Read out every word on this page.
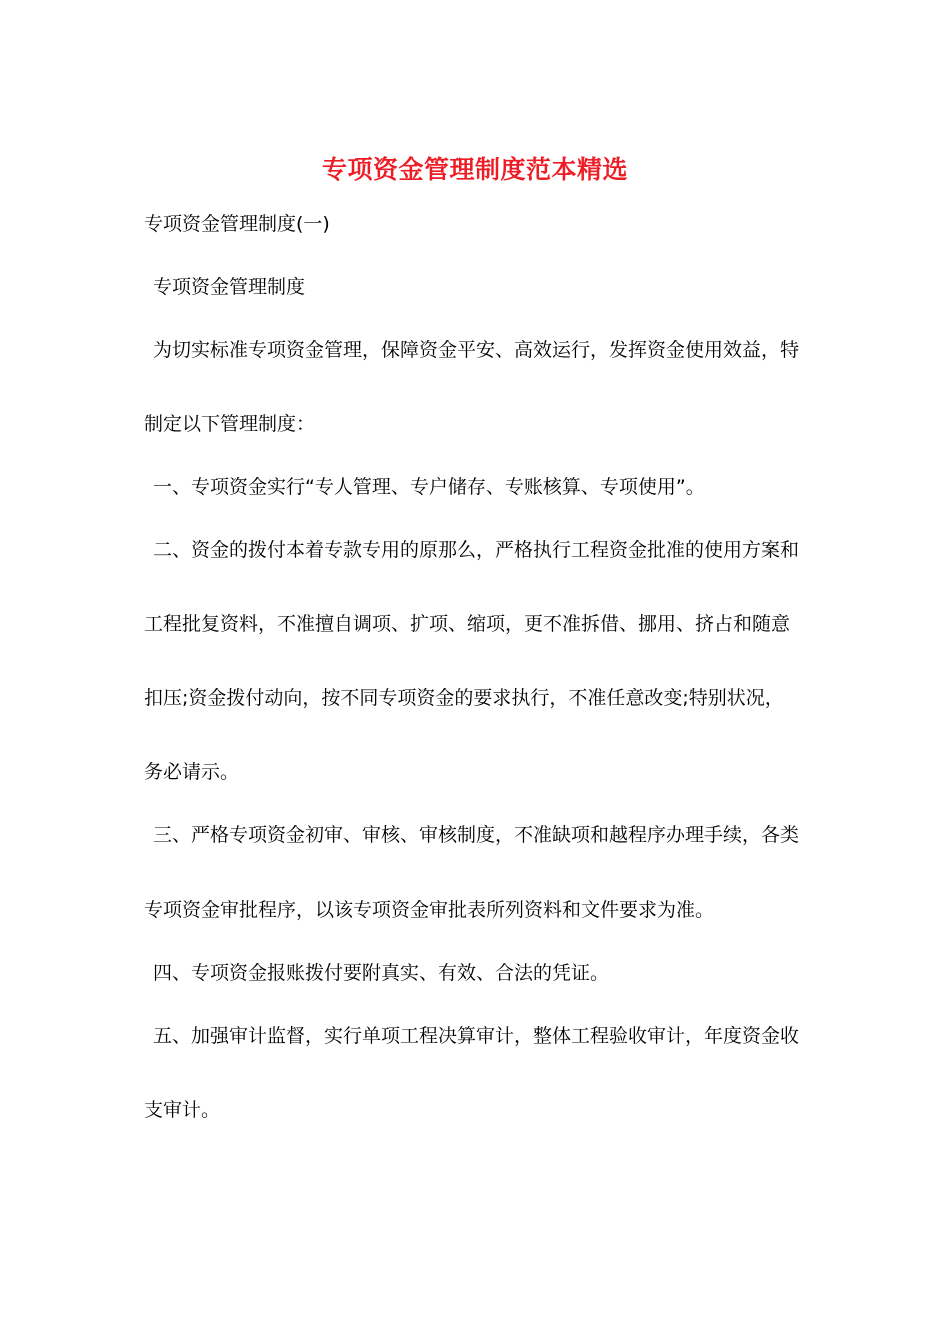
专项资金管理制度范本精选
专项资金管理制度(一)
专项资金管理制度
为切实标准专项资金管理，保障资金平安、高效运行，发挥资金使用效益，特
制定以下管理制度：
一、专项资金实行“专人管理、专户储存、专账核算、专项使用”。
二、资金的拨付本着专款专用的原那么，严格执行工程资金批准的使用方案和
工程批复资料，不准擅自调项、扩项、缩项，更不准拆借、挪用、挤占和随意
扣压;资金拨付动向，按不同专项资金的要求执行，不准任意改变;特别状况，
务必请示。
三、严格专项资金初审、审核、审核制度，不准缺项和越程序办理手续，各类
专项资金审批程序，以该专项资金审批表所列资料和文件要求为准。
四、专项资金报账拨付要附真实、有效、合法的凭证。
五、加强审计监督，实行单项工程决算审计，整体工程验收审计，年度资金收
支审计。
